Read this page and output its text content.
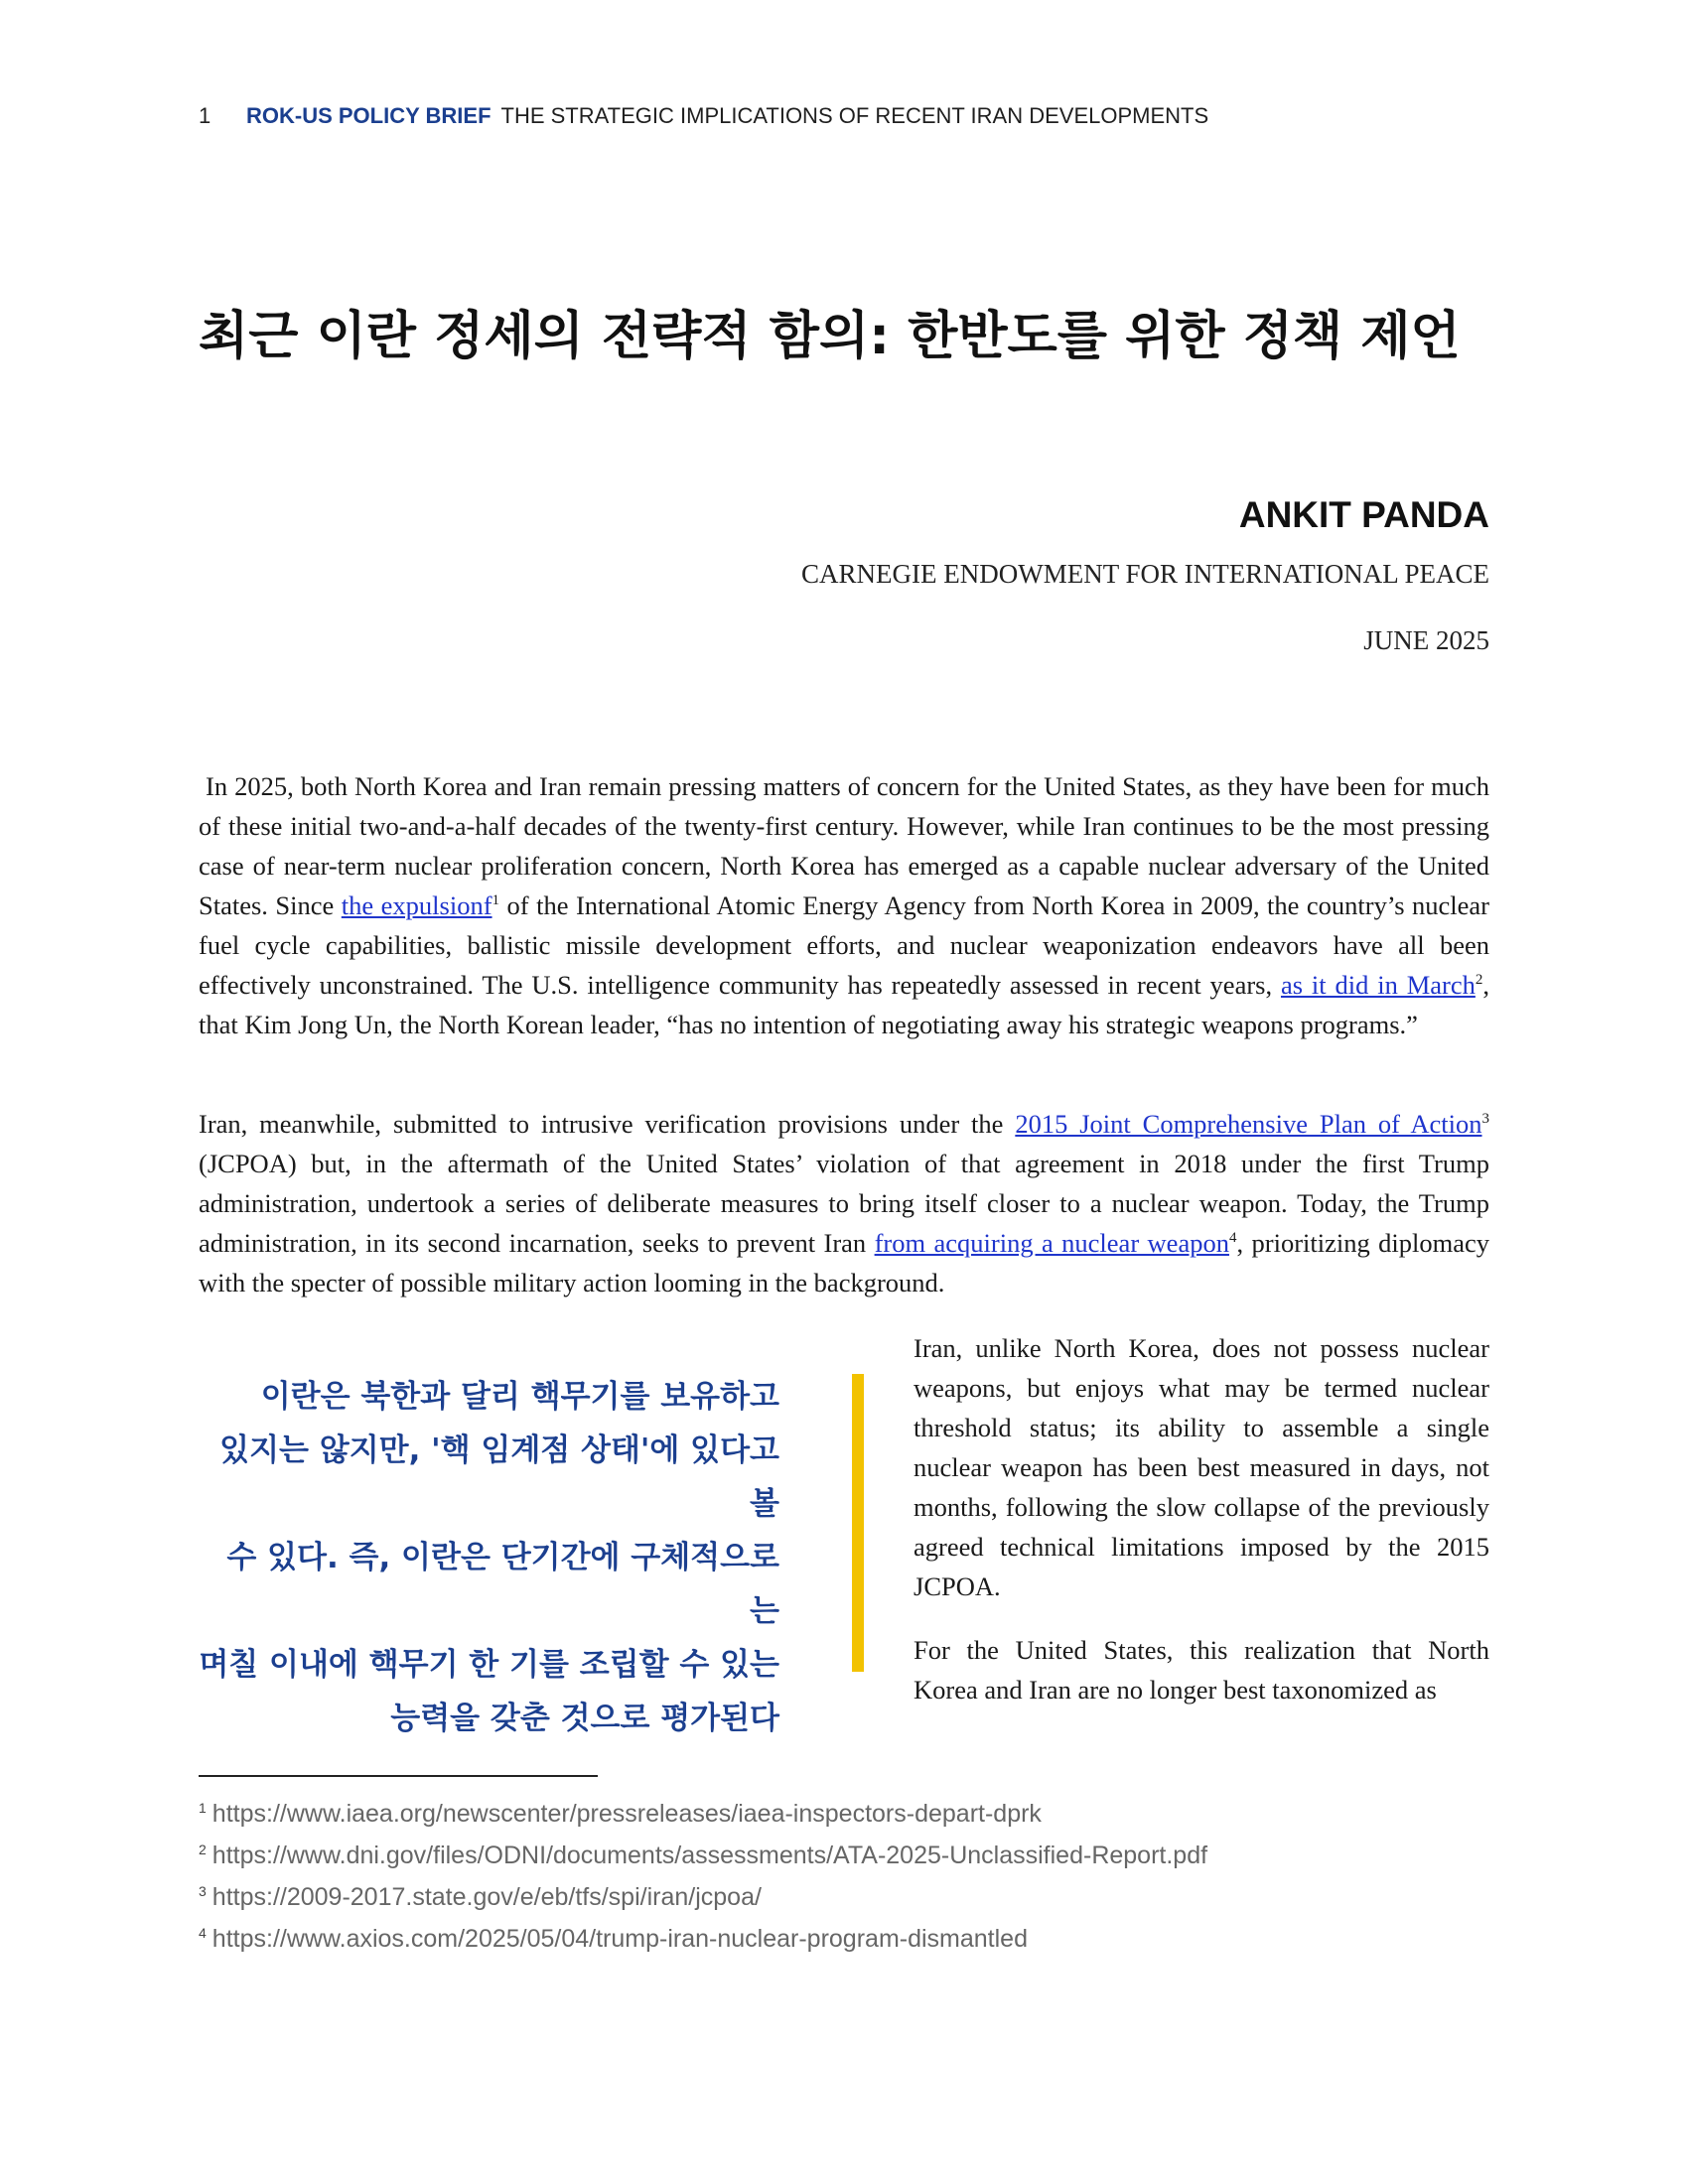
1 ROK-US POLICY BRIEF THE STRATEGIC IMPLICATIONS OF RECENT IRAN DEVELOPMENTS
최근 이란 정세의 전략적 함의: 한반도를 위한 정책 제언
ANKIT PANDA
CARNEGIE ENDOWMENT FOR INTERNATIONAL PEACE
JUNE 2025

In 2025, both North Korea and Iran remain pressing matters of concern for the United States, as they have been for much of these initial two-and-a-half decades of the twenty-first century. However, while Iran continues to be the most pressing case of near-term nuclear proliferation concern, North Korea has emerged as a capable nuclear adversary of the United States. Since the expulsionf$^1$ of the International Atomic Energy Agency from North Korea in 2009, the country’s nuclear fuel cycle capabilities, ballistic missile development efforts, and nuclear weaponization endeavors have all been effectively unconstrained. The U.S. intelligence community has repeatedly assessed in recent years, as it did in March$^2$, that Kim Jong Un, the North Korean leader, “has no intention of negotiating away his strategic weapons programs.”

Iran, meanwhile, submitted to intrusive verification provisions under the 2015 Joint Comprehensive Plan of Action$^3$ (JCPOA) but, in the aftermath of the United States’ violation of that agreement in 2018 under the first Trump administration, undertook a series of deliberate measures to bring itself closer to a nuclear weapon. Today, the Trump administration, in its second incarnation, seeks to prevent Iran from acquiring a nuclear weapon$^4$, prioritizing diplomacy with the specter of possible military action looming in the background.

이란은 북한과 달리 핵무기를 보유하고
있지는 않지만, '핵 임계점 상태'에 있다고 볼
수 있다. 즉, 이란은 단기간에 구체적으로는
며칠 이내에 핵무기 한 기를 조립할 수 있는
능력을 갖춘 것으로 평가된다

Iran, unlike North Korea, does not possess nuclear weapons, but enjoys what may be termed nuclear threshold status; its ability to assemble a single nuclear weapon has been best measured in days, not months, following the slow collapse of the previously agreed technical limitations imposed by the 2015 JCPOA.

For the United States, this realization that North Korea and Iran are no longer best taxonomized as

$^1$ https://www.iaea.org/newscenter/pressreleases/iaea-inspectors-depart-dprk
$^2$ https://www.dni.gov/files/ODNI/documents/assessments/ATA-2025-Unclassified-Report.pdf
$^3$ https://2009-2017.state.gov/e/eb/tfs/spi/iran/jcpoa/
$^4$ https://www.axios.com/2025/05/04/trump-iran-nuclear-program-dismantled
